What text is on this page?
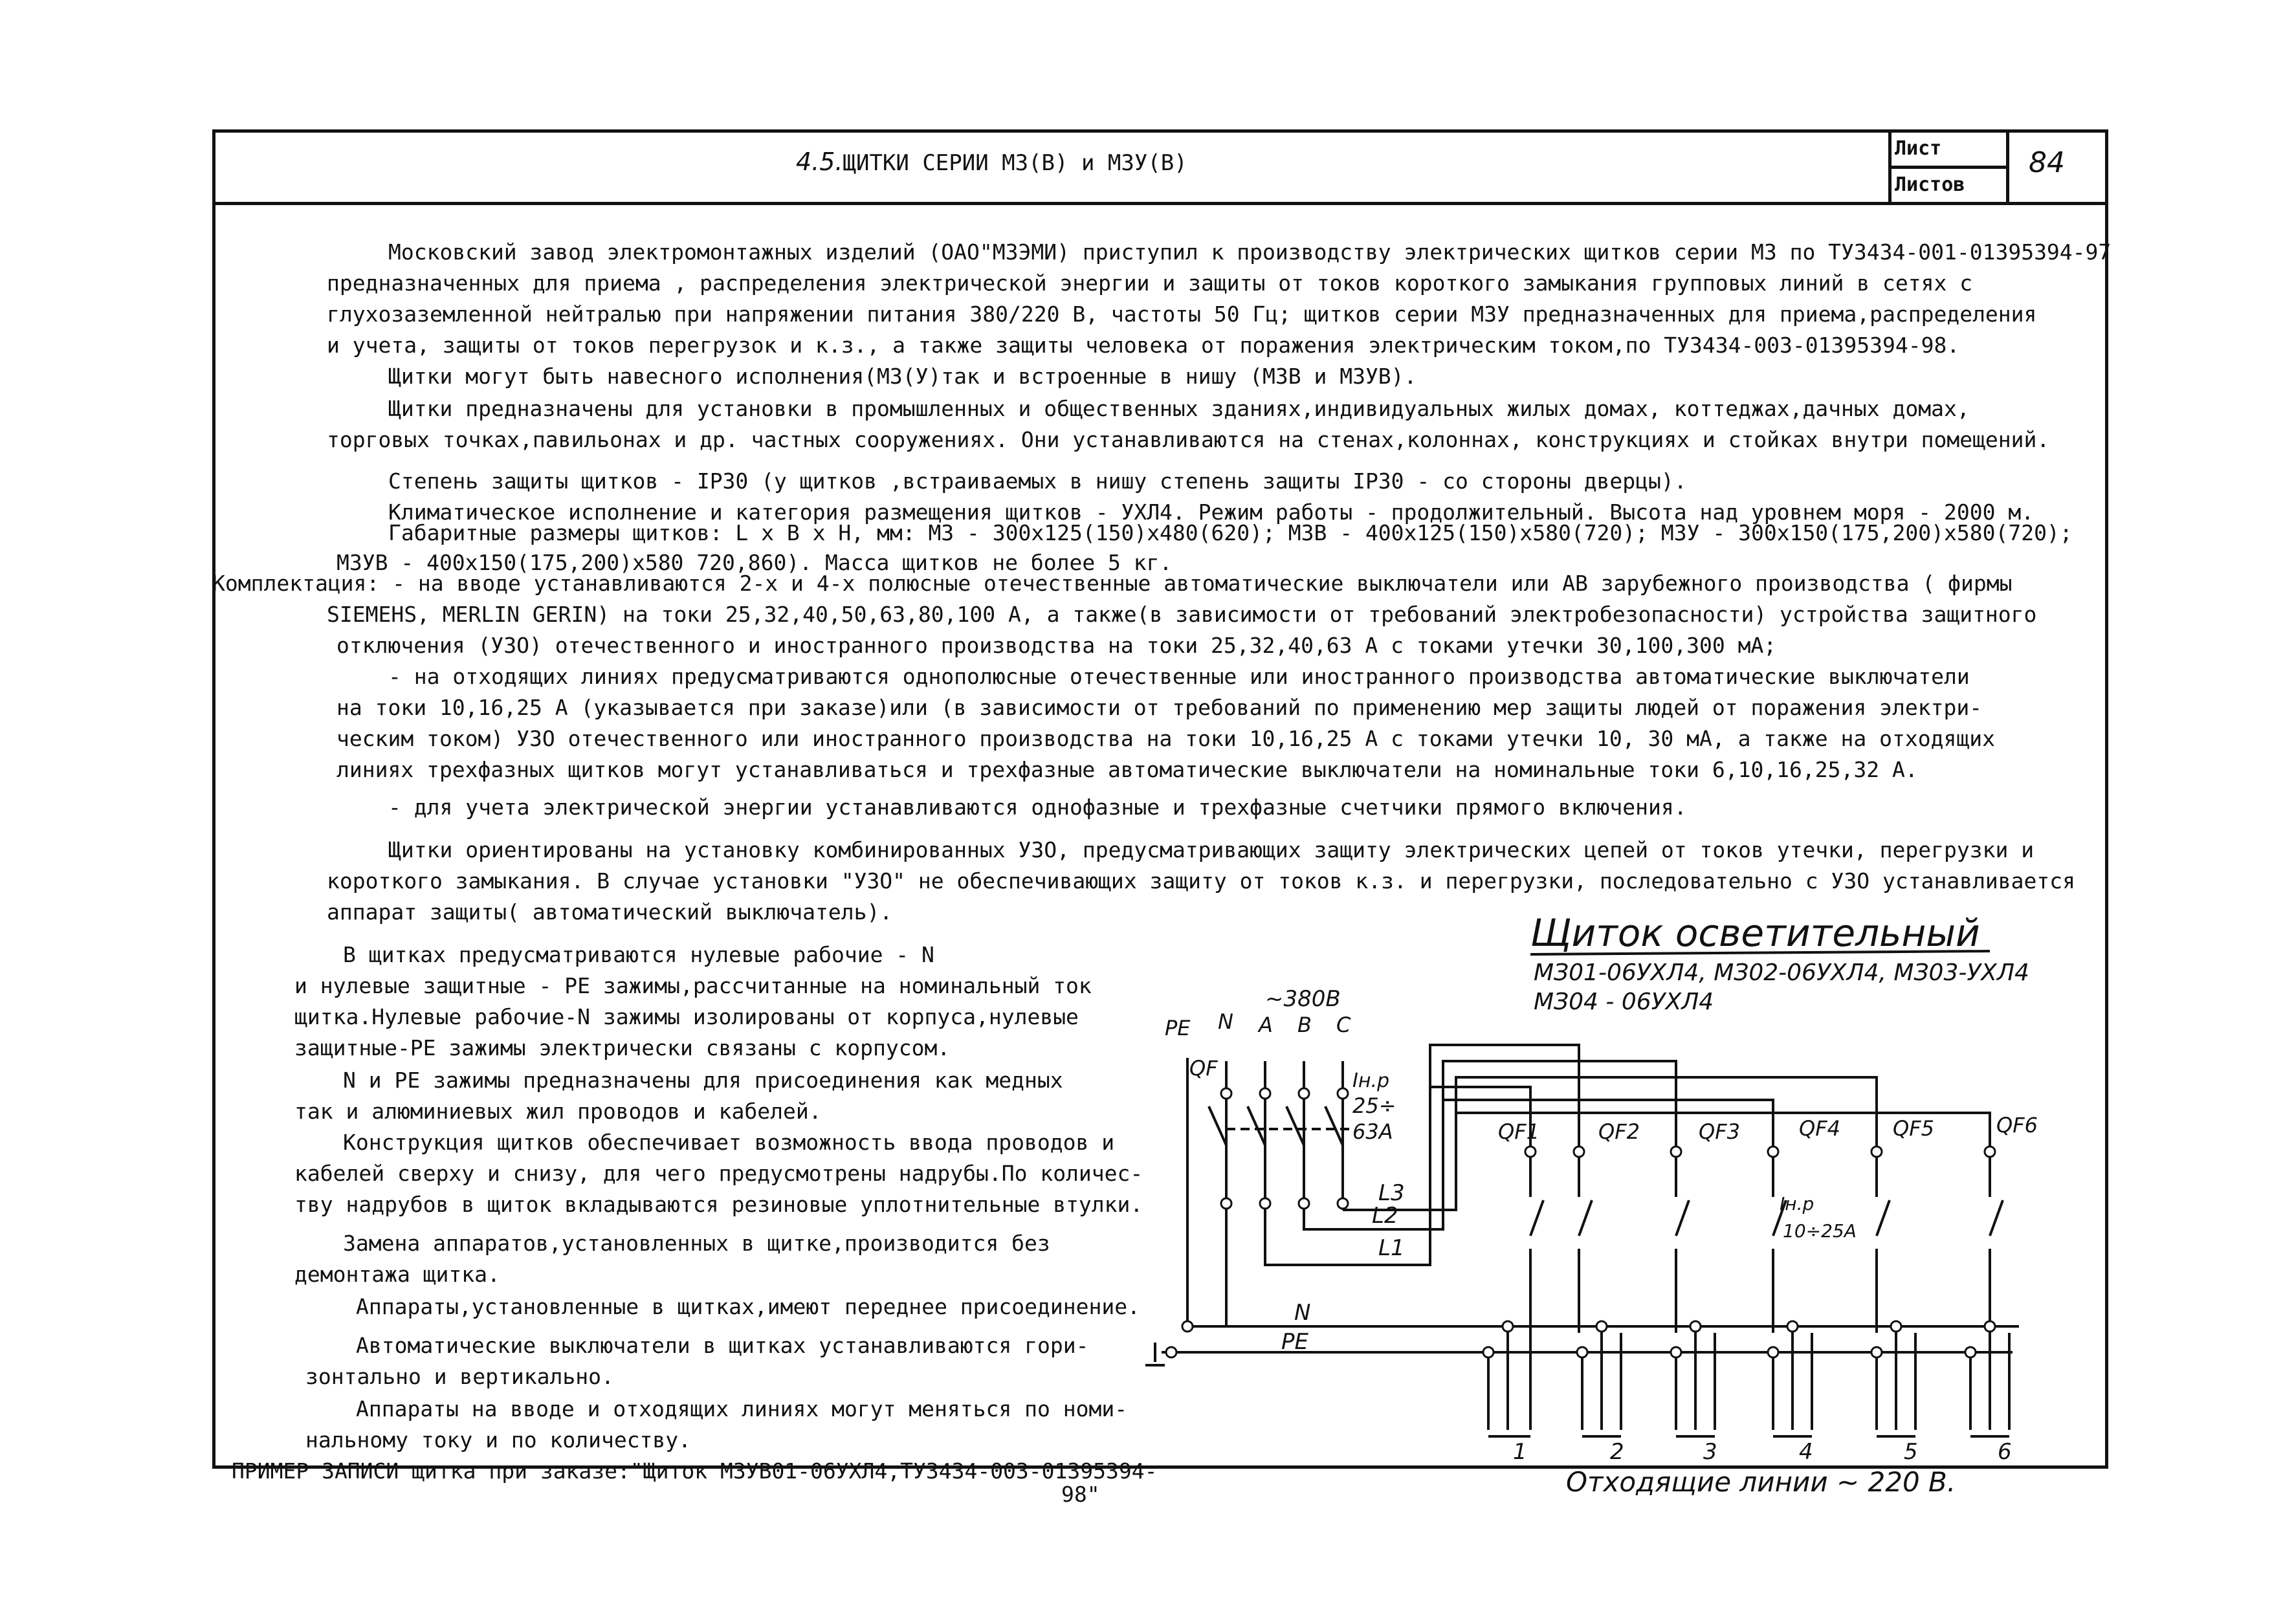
4.5.ЩИТКИ СЕРИИ МЗ(В) и МЗУ(В)
Лист
Листов
84
Московский завод электромонтажных изделий (ОАО"МЗЭМИ) приступил к производству электрических щитков серии МЗ по ТУ3434-001-01395394-97
предназначенных для приема , распределения электрической энергии и защиты от токов короткого замыкания групповых линий в сетях с
глухозаземленной нейтралью при напряжении питания 380/220 В, частоты 50 Гц; щитков серии МЗУ предназначенных для приема,распределения
и учета, защиты от токов перегрузок и к.з., а также защиты человека от поражения электрическим током,по ТУ3434-003-01395394-98.
Щитки могут быть навесного исполнения(МЗ(У)так и встроенные в нишу (МЗВ и МЗУВ).
Щитки предназначены для установки в промышленных и общественных зданиях,индивидуальных жилых домах, коттеджах,дачных домах,
торговых точках,павильонах и др. частных сооружениях. Они устанавливаются на стенах,колоннах, конструкциях и стойках внутри помещений.
Степень защиты щитков - IP30 (у щитков ,встраиваемых в нишу степень защиты IP30 - со стороны дверцы).
Климатическое исполнение и категория размещения щитков - УХЛ4. Режим работы - продолжительный. Высота над уровнем моря - 2000 м.
Габаритные размеры щитков: L x B x H, мм: МЗ - 300x125(150)x480(620); МЗВ - 400x125(150)x580(720); МЗУ - 300x150(175,200)x580(720);
МЗУВ - 400x150(175,200)x580 720,860). Масса щитков не более 5 кг.
Комплектация: - на вводе устанавливаются 2-х и 4-х полюсные отечественные автоматические выключатели или АВ зарубежного производства ( фирмы
SIEMEHS, MERLIN GERIN) на токи 25,32,40,50,63,80,100 А, а также(в зависимости от требований электробезопасности) устройства защитного
отключения (УЗО) отечественного и иностранного производства на токи 25,32,40,63 А с токами утечки 30,100,300 мА;
- на отходящих линиях предусматриваются однополюсные отечественные или иностранного производства автоматические выключатели
на токи 10,16,25 А (указывается при заказе)или (в зависимости от требований по применению мер защиты людей от поражения электри-
ческим током) УЗО отечественного или иностранного производства на токи 10,16,25 А с токами утечки 10, 30 мА, а также на отходящих
линиях трехфазных щитков могут устанавливаться и трехфазные автоматические выключатели на номинальные токи 6,10,16,25,32 А.
- для учета электрической энергии устанавливаются однофазные и трехфазные счетчики прямого включения.
Щитки ориентированы на установку комбинированных УЗО, предусматривающих защиту электрических цепей от токов утечки, перегрузки и
короткого замыкания. В случае установки "УЗО" не обеспечивающих защиту от токов к.з. и перегрузки, последовательно с УЗО устанавливается
аппарат защиты( автоматический выключатель).
В щитках предусматриваются нулевые рабочие - N
и нулевые защитные - РЕ зажимы,рассчитанные на номинальный ток
щитка.Нулевые рабочие-N зажимы изолированы от корпуса,нулевые
защитные-РЕ зажимы электрически связаны с корпусом.
N и РЕ зажимы предназначены для присоединения как медных
так и алюминиевых жил проводов и кабелей.
Конструкция щитков обеспечивает возможность ввода проводов и
кабелей сверху и снизу, для чего предусмотрены надрубы.По количес-
тву надрубов в щиток вкладываются резиновые уплотнительные втулки.
Замена аппаратов,установленных в щитке,производится без
демонтажа щитка.
Аппараты,установленные в щитках,имеют переднее присоединение.
Автоматические выключатели в щитках устанавливаются гори-
зонтально и вертикально.
Аппараты на вводе и отходящих линиях могут меняться по номи-
нальному току и по количеству.
ПРИМЕР ЗАПИСИ щитка при заказе:"Щиток МЗУВ01-06УХЛ4,ТУ3434-003-01395394-
98"
Щиток осветительный
МЗ01-06УХЛ4, МЗ02-06УХЛ4, МЗ03-УХЛ4
МЗ04 - 06УХЛ4
~380В
PE N A B C
QF
Iн.р
25÷
63А
L3
L2
L1
QF1	QF2	QF3	QF4	QF5	QF6
Iн.р
10÷25А
N
PE
1	2	3	4	5	6
Отходящие линии ~ 220 В.
